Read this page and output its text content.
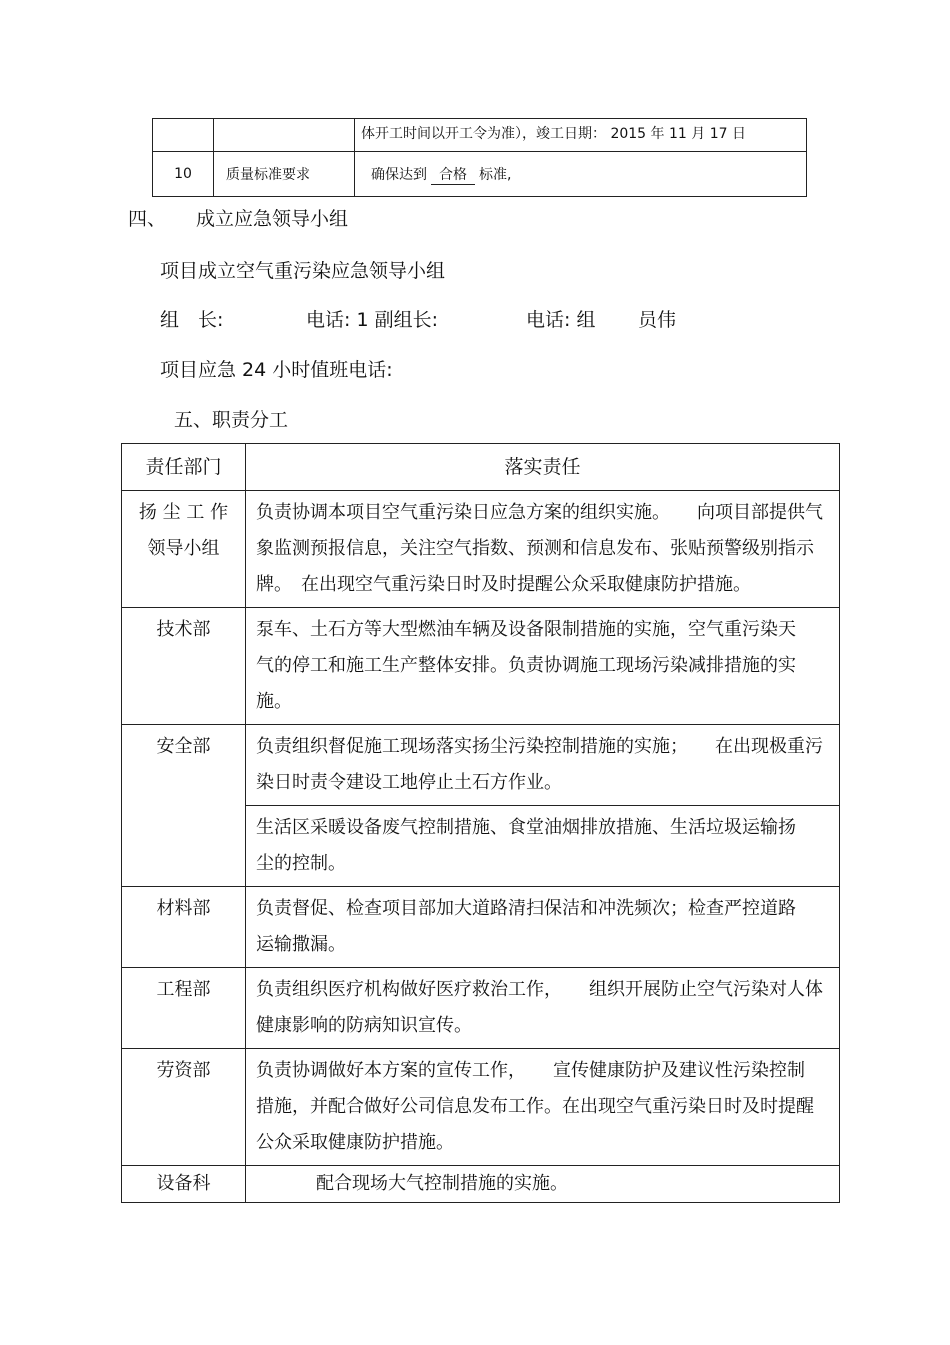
		体开工时间以开工令为准），竣工日期： 2015 年 11 月 17 日
10	质量标准要求	确保达到 合格 标准,
四、 成立应急领导小组
项目成立空气重污染应急领导小组
组　长:	电话: 1 副组长:	电话: 组 员伟
项目应急 24 小时值班电话:
五、职责分工
责任部门	落实责任

扬 尘 工 作
领导小组	负责协调本项目空气重污染日应急方案的组织实施。　　向项目部提供气象监测预报信息，关注空气指数、预测和信息发布、张贴预警级别指示牌。　在出现空气重污染日时及时提醒公众采取健康防护措施。
技术部	泵车、土石方等大型燃油车辆及设备限制措施的实施，空气重污染天气的停工和施工生产整体安排。负责协调施工现场污染减排措施的实施。
安全部	负责组织督促施工现场落实扬尘污染控制措施的实施；　　在出现极重污染日时责令建设工地停止土石方作业。
	生活区采暖设备废气控制措施、食堂油烟排放措施、生活垃圾运输扬尘的控制。
材料部	负责督促、检查项目部加大道路清扫保洁和冲洗频次；检查严控道路运输撒漏。
工程部	负责组织医疗机构做好医疗救治工作，　　组织开展防止空气污染对人体健康影响的防病知识宣传。
劳资部	负责协调做好本方案的宣传工作，　　宣传健康防护及建议性污染控制措施，并配合做好公司信息发布工作。在出现空气重污染日时及时提醒公众采取健康防护措施。
设备科	配合现场大气控制措施的实施。
